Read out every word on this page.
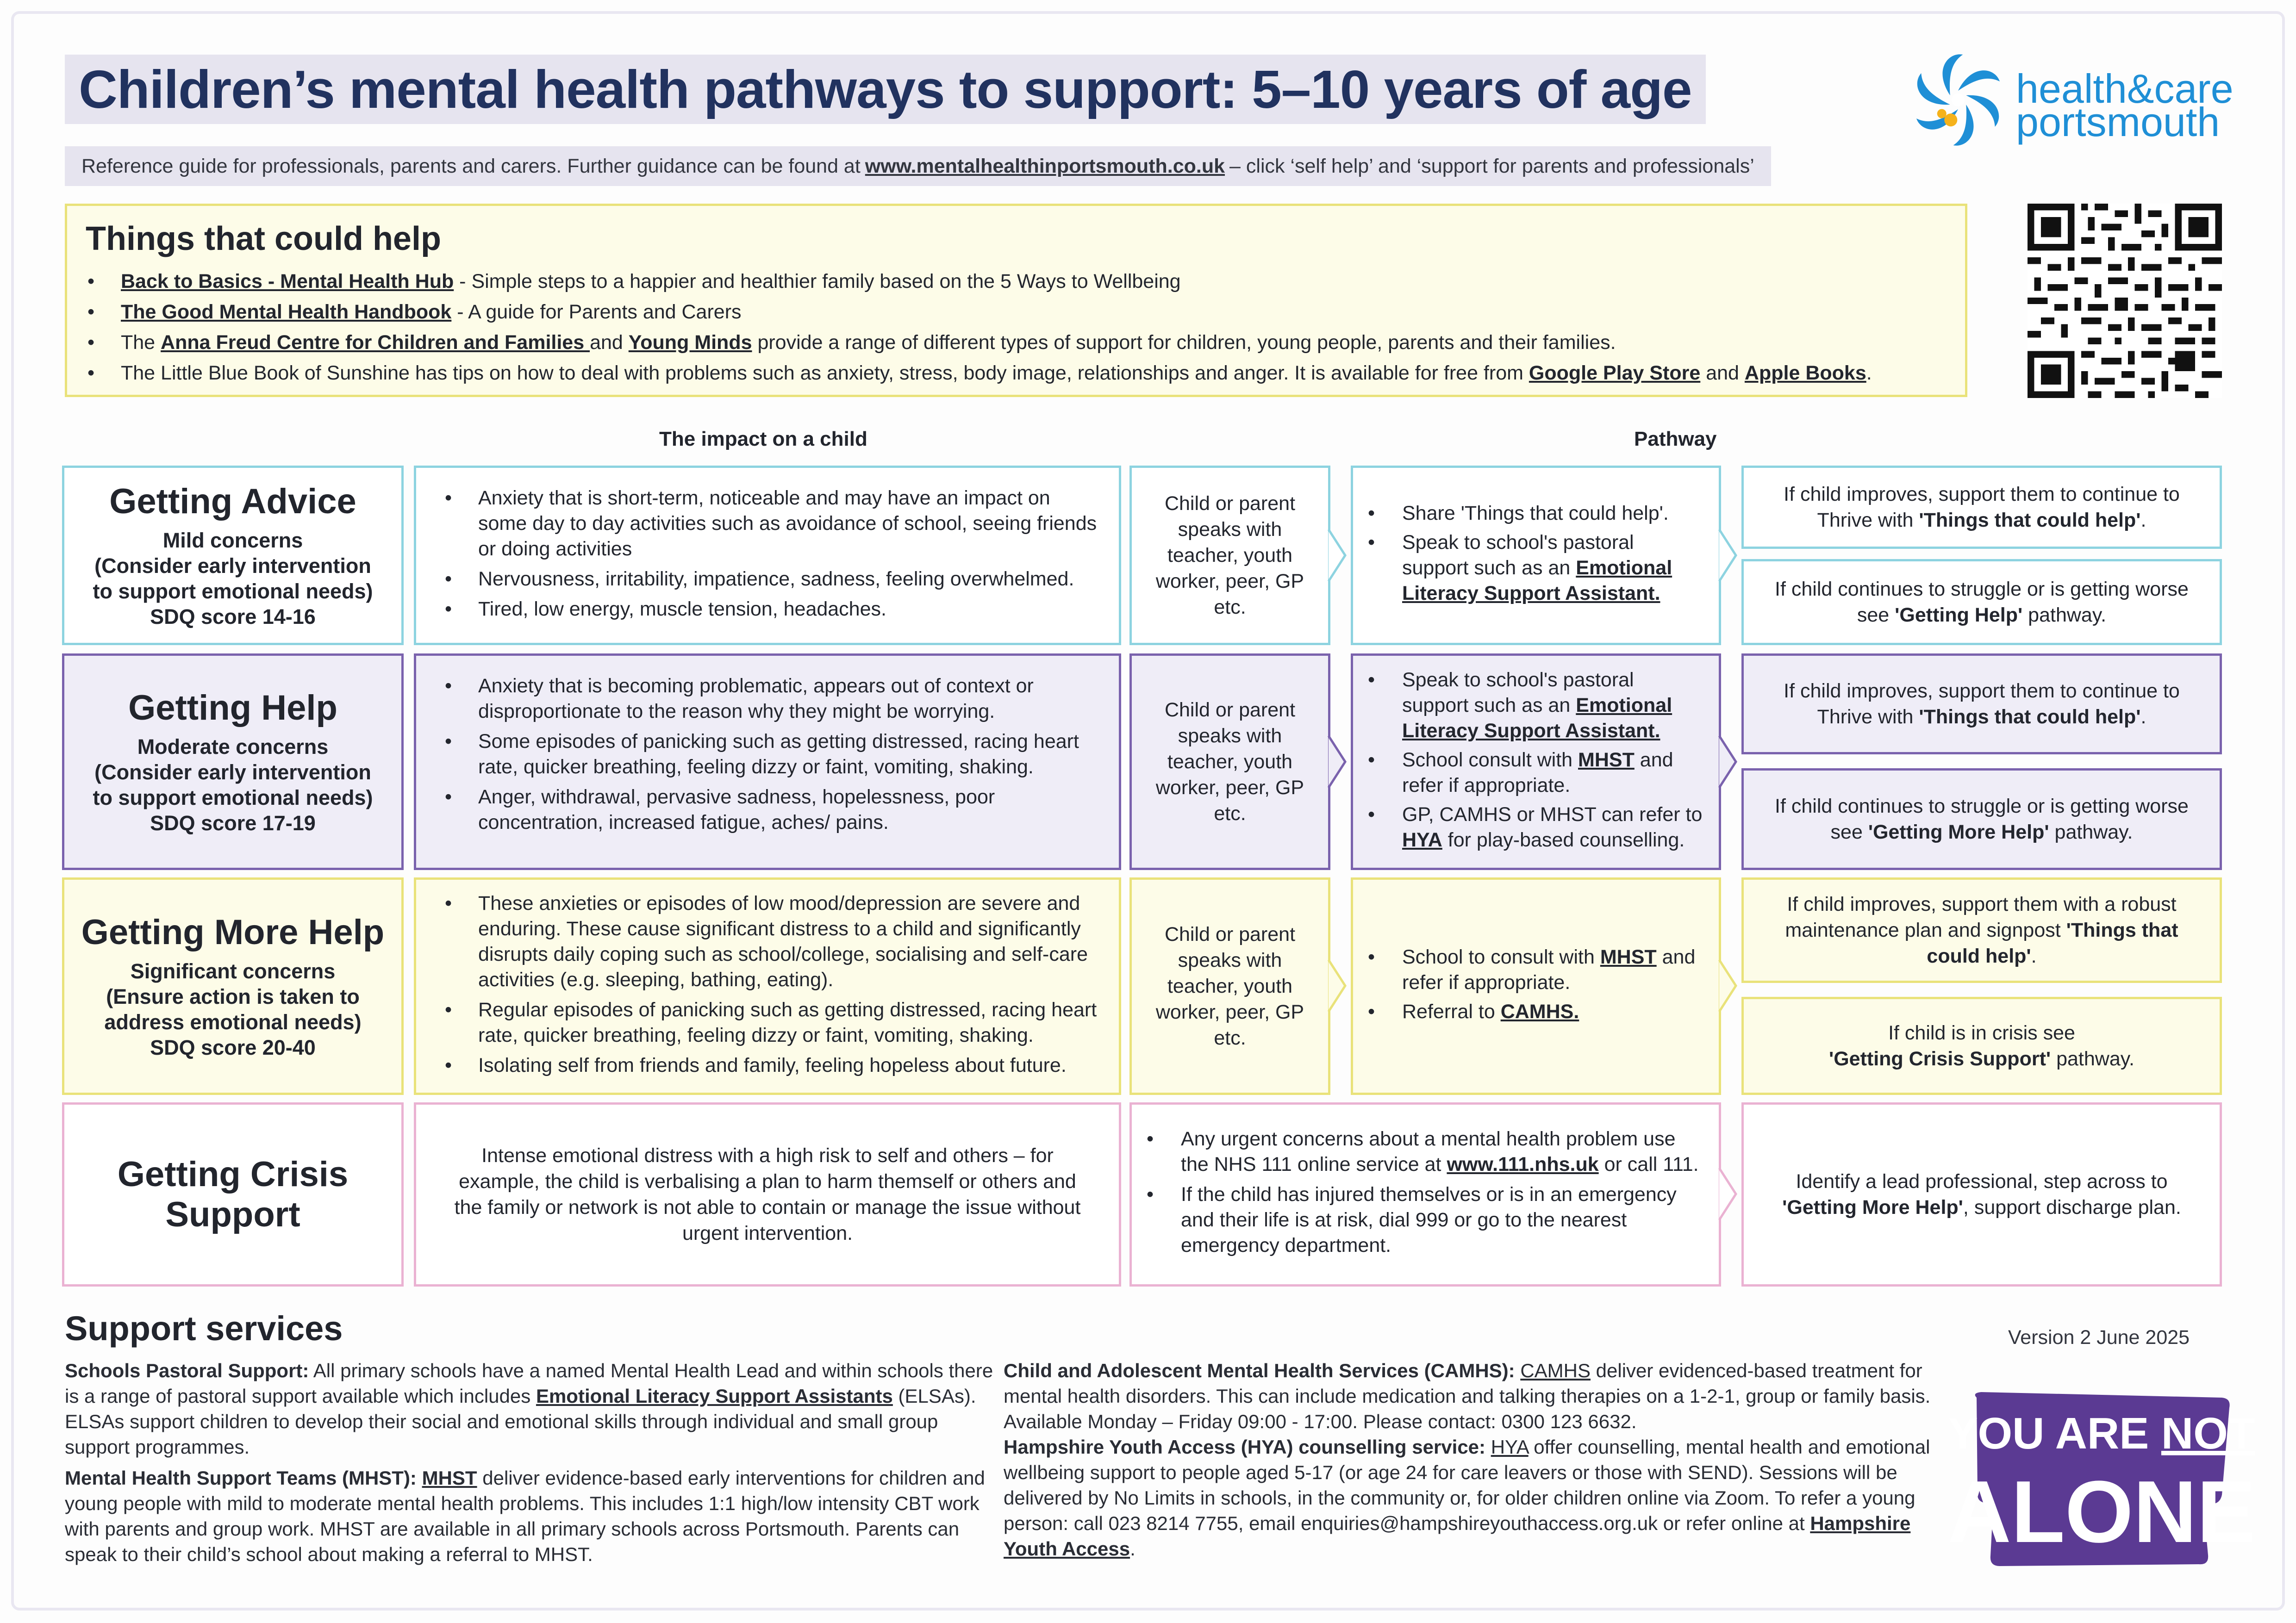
Children’s mental health pathways to support: 5–10 years of age
Reference guide for professionals, parents and carers. Further guidance can be found at www.mentalhealthinportsmouth.co.uk – click ‘self help’ and ‘support for parents and professionals’
health&care
portsmouth
Things that could help
• Back to Basics - Mental Health Hub - Simple steps to a happier and healthier family based on the 5 Ways to Wellbeing
• The Good Mental Health Handbook - A guide for Parents and Carers
• The Anna Freud Centre for Children and Families and Young Minds provide a range of different types of support for children, young people, parents and their families.
• The Little Blue Book of Sunshine has tips on how to deal with problems such as anxiety, stress, body image, relationships and anger. It is available for free from Google Play Store and Apple Books.
The impact on a child	Pathway
Getting Advice
Mild concerns
(Consider early intervention
to support emotional needs)
SDQ score 14-16
• Anxiety that is short-term, noticeable and may have an impact on some day to day activities such as avoidance of school, seeing friends or doing activities
• Nervousness, irritability, impatience, sadness, feeling overwhelmed.
• Tired, low energy, muscle tension, headaches.
Child or parent speaks with teacher, youth worker, peer, GP etc.
• Share 'Things that could help'.
• Speak to school's pastoral support such as an Emotional Literacy Support Assistant.
If child improves, support them to continue to Thrive with 'Things that could help'.
If child continues to struggle or is getting worse see 'Getting Help' pathway.
Getting Help
Moderate concerns
(Consider early intervention
to support emotional needs)
SDQ score 17-19
• Anxiety that is becoming problematic, appears out of context or disproportionate to the reason why they might be worrying.
• Some episodes of panicking such as getting distressed, racing heart rate, quicker breathing, feeling dizzy or faint, vomiting, shaking.
• Anger, withdrawal, pervasive sadness, hopelessness, poor concentration, increased fatigue, aches/ pains.
Child or parent speaks with teacher, youth worker, peer, GP etc.
• Speak to school's pastoral support such as an Emotional Literacy Support Assistant.
• School consult with MHST and refer if appropriate.
• GP, CAMHS or MHST can refer to HYA for play-based counselling.
If child improves, support them to continue to Thrive with 'Things that could help'.
If child continues to struggle or is getting worse see 'Getting More Help' pathway.
Getting More Help
Significant concerns
(Ensure action is taken to
address emotional needs)
SDQ score 20-40
• These anxieties or episodes of low mood/depression are severe and enduring. These cause significant distress to a child and significantly disrupts daily coping such as school/college, socialising and self-care activities (e.g. sleeping, bathing, eating).
• Regular episodes of panicking such as getting distressed, racing heart rate, quicker breathing, feeling dizzy or faint, vomiting, shaking.
• Isolating self from friends and family, feeling hopeless about future.
Child or parent speaks with teacher, youth worker, peer, GP etc.
• School to consult with MHST and refer if appropriate.
• Referral to CAMHS.
If child improves, support them with a robust maintenance plan and signpost 'Things that could help'.
If child is in crisis see
'Getting Crisis Support' pathway.
Getting Crisis Support
Intense emotional distress with a high risk to self and others – for example, the child is verbalising a plan to harm themself or others and the family or network is not able to contain or manage the issue without urgent intervention.
• Any urgent concerns about a mental health problem use the NHS 111 online service at www.111.nhs.uk or call 111.
• If the child has injured themselves or is in an emergency and their life is at risk, dial 999 or go to the nearest emergency department.
Identify a lead professional, step across to 'Getting More Help', support discharge plan.
Support services	Version 2 June 2025

Schools Pastoral Support: All primary schools have a named Mental Health Lead and within schools there is a range of pastoral support available which includes Emotional Literacy Support Assistants (ELSAs). ELSAs support children to develop their social and emotional skills through individual and small group support programmes.

Mental Health Support Teams (MHST): MHST deliver evidence-based early interventions for children and young people with mild to moderate mental health problems. This includes 1:1 high/low intensity CBT work with parents and group work. MHST are available in all primary schools across Portsmouth. Parents can speak to their child’s school about making a referral to MHST.

Child and Adolescent Mental Health Services (CAMHS): CAMHS deliver evidenced-based treatment for mental health disorders. This can include medication and talking therapies on a 1-2-1, group or family basis. Available Monday – Friday 09:00 - 17:00. Please contact: 0300 123 6632.

Hampshire Youth Access (HYA) counselling service: HYA offer counselling, mental health and emotional wellbeing support to people aged 5-17 (or age 24 for care leavers or those with SEND). Sessions will be delivered by No Limits in schools, in the community or, for older children online via Zoom. To refer a young person: call 023 8214 7755, email enquiries@hampshireyouthaccess.org.uk or refer online at Hampshire Youth Access.

YOU ARE NOT
ALONE
